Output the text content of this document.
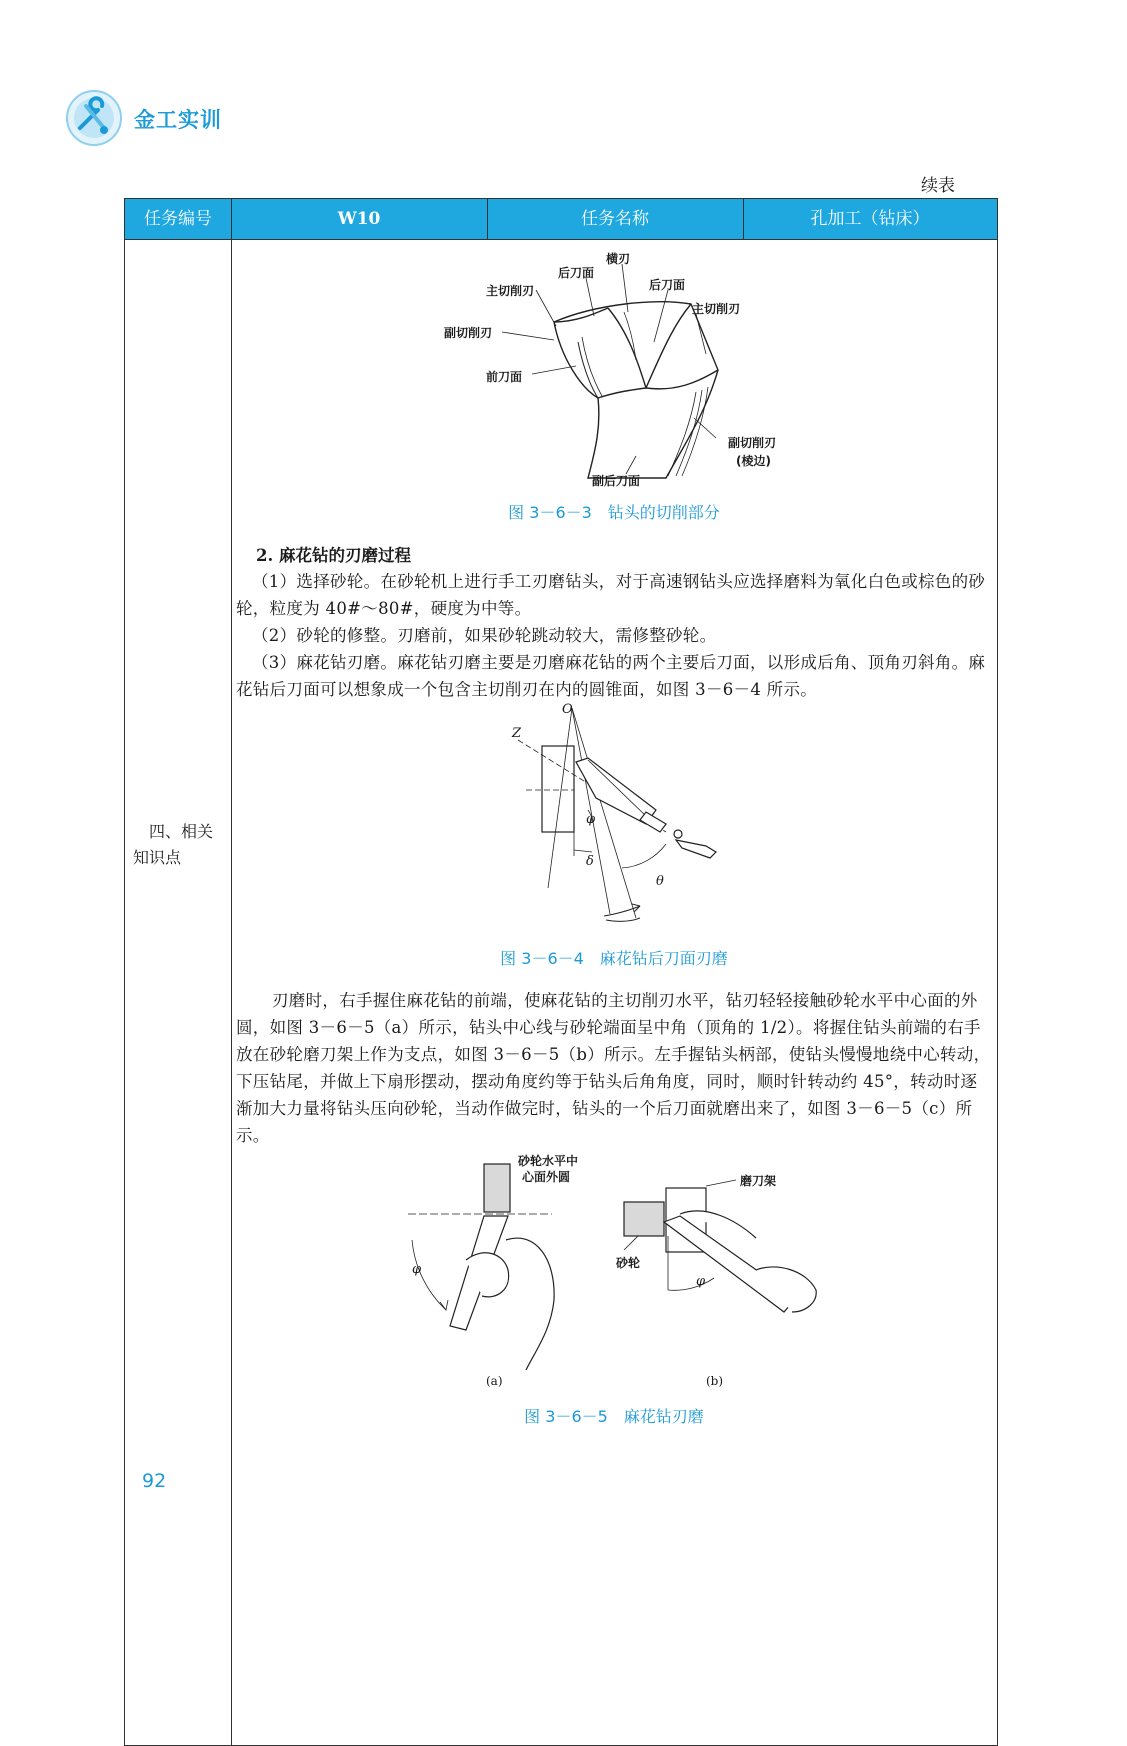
金工实训
续表
任务编号	W10	任务名称	孔加工（钻床）
四、相关
知识点
横刃
后刀面
主切削刃	后刀面
主切削刃
副切削刃
前刀面
副切削刃
(棱边)
副后刀面
图 3－6－3　钻头的切削部分
2. 麻花钻的刃磨过程

（1）选择砂轮。在砂轮机上进行手工刃磨钻头，对于高速钢钻头应选择磨料为氧化白色或棕色的砂轮，粒度为 40#～80#，硬度为中等。

（2）砂轮的修整。刃磨前，如果砂轮跳动较大，需修整砂轮。

（3）麻花钻刃磨。麻花钻刃磨主要是刃磨麻花钻的两个主要后刀面，以形成后角、顶角刃斜角。麻花钻后刀面可以想象成一个包含主切削刃在内的圆锥面，如图 3－6－4 所示。

O
Z
φ
δ
θ
图 3－6－4　麻花钻后刀面刃磨

刃磨时，右手握住麻花钻的前端，使麻花钻的主切削刃水平，钻刃轻轻接触砂轮水平中心面的外圆，如图 3－6－5（a）所示，钻头中心线与砂轮端面呈中角（顶角的 1/2）。将握住钻头前端的右手放在砂轮磨刀架上作为支点，如图 3－6－5（b）所示。左手握钻头柄部，使钻头慢慢地绕中心转动，下压钻尾，并做上下扇形摆动，摆动角度约等于钻头后角角度，同时，顺时针转动约 45°，转动时逐渐加大力量将钻头压向砂轮，当动作做完时，钻头的一个后刀面就磨出来了，如图 3－6－5（c）所示。

砂轮水平中
心面外圆	磨刀架
砂轮
φ
φ
(a)	(b)
图 3－6－5　麻花钻刃磨
92
